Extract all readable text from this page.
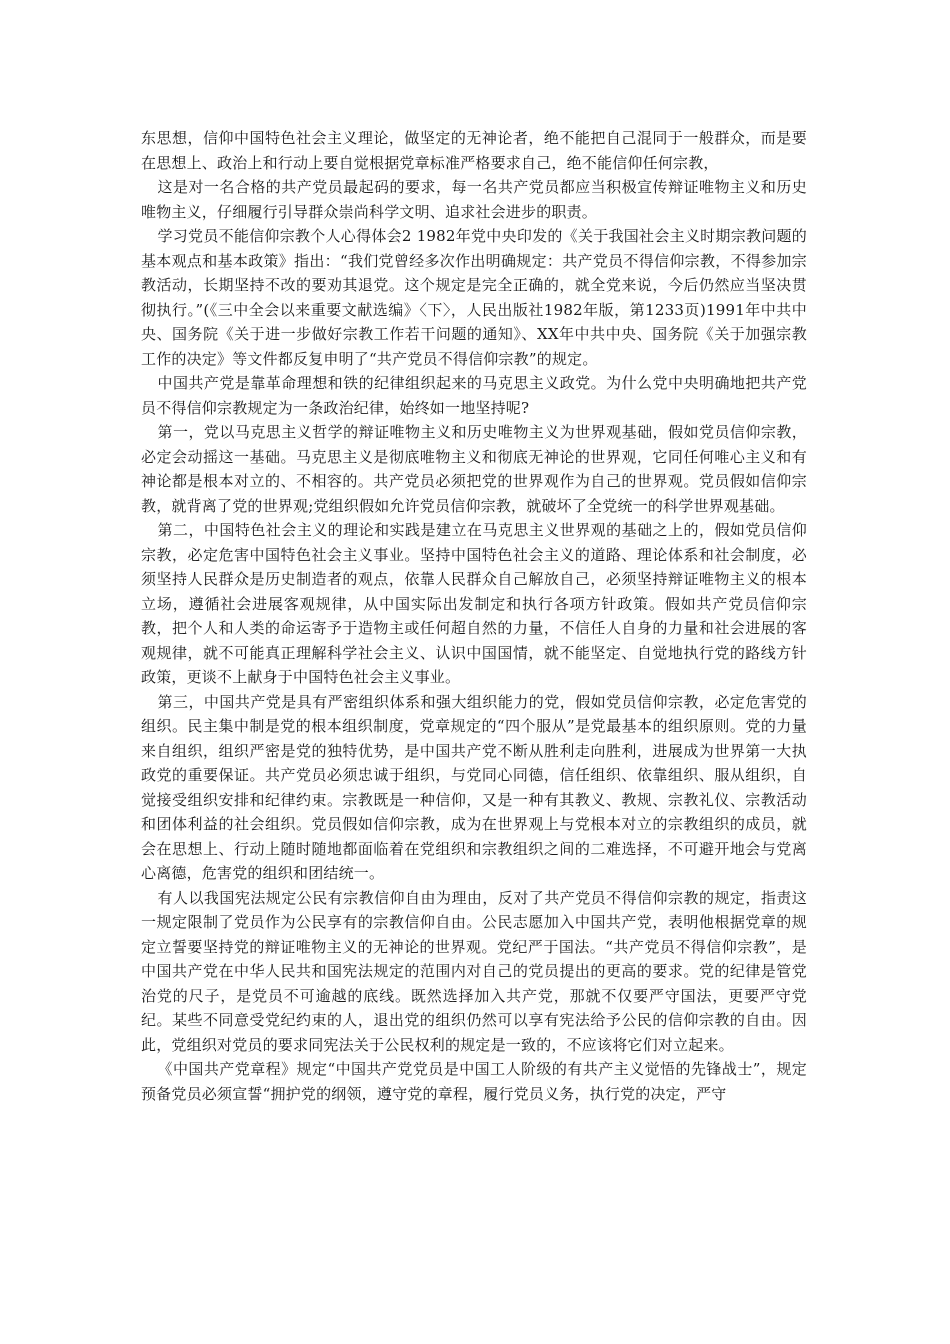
东思想，信仰中国特色社会主义理论，做坚定的无神论者，绝不能把自己混同于一般群众，而是要在思想上、政治上和行动上要自觉根据党章标准严格要求自己，绝不能信仰任何宗教，

这是对一名合格的共产党员最起码的要求，每一名共产党员都应当积极宣传辩证唯物主义和历史唯物主义，仔细履行引导群众崇尚科学文明、追求社会进步的职责。

学习党员不能信仰宗教个人心得体会2 1982年党中央印发的《关于我国社会主义时期宗教问题的基本观点和基本政策》指出：“我们党曾经多次作出明确规定：共产党员不得信仰宗教，不得参加宗教活动，长期坚持不改的要劝其退党。这个规定是完全正确的，就全党来说，今后仍然应当坚决贯彻执行。”(《三中全会以来重要文献选编》〈下〉，人民出版社1982年版，第1233页)1991年中共中央、国务院《关于进一步做好宗教工作若干问题的通知》、XX年中共中央、国务院《关于加强宗教工作的决定》等文件都反复申明了“共产党员不得信仰宗教”的规定。

中国共产党是靠革命理想和铁的纪律组织起来的马克思主义政党。为什么党中央明确地把共产党员不得信仰宗教规定为一条政治纪律，始终如一地坚持呢?

第一，党以马克思主义哲学的辩证唯物主义和历史唯物主义为世界观基础，假如党员信仰宗教，必定会动摇这一基础。马克思主义是彻底唯物主义和彻底无神论的世界观，它同任何唯心主义和有神论都是根本对立的、不相容的。共产党员必须把党的世界观作为自己的世界观。党员假如信仰宗教，就背离了党的世界观;党组织假如允许党员信仰宗教，就破坏了全党统一的科学世界观基础。

第二，中国特色社会主义的理论和实践是建立在马克思主义世界观的基础之上的，假如党员信仰宗教，必定危害中国特色社会主义事业。坚持中国特色社会主义的道路、理论体系和社会制度，必须坚持人民群众是历史制造者的观点，依靠人民群众自己解放自己，必须坚持辩证唯物主义的根本立场，遵循社会进展客观规律，从中国实际出发制定和执行各项方针政策。假如共产党员信仰宗教，把个人和人类的命运寄予于造物主或任何超自然的力量，不信任人自身的力量和社会进展的客观规律，就不可能真正理解科学社会主义、认识中国国情，就不能坚定、自觉地执行党的路线方针政策，更谈不上献身于中国特色社会主义事业。

第三，中国共产党是具有严密组织体系和强大组织能力的党，假如党员信仰宗教，必定危害党的组织。民主集中制是党的根本组织制度，党章规定的“四个服从”是党最基本的组织原则。党的力量来自组织，组织严密是党的独特优势，是中国共产党不断从胜利走向胜利，进展成为世界第一大执政党的重要保证。共产党员必须忠诚于组织，与党同心同德，信任组织、依靠组织、服从组织，自觉接受组织安排和纪律约束。宗教既是一种信仰，又是一种有其教义、教规、宗教礼仪、宗教活动和团体利益的社会组织。党员假如信仰宗教，成为在世界观上与党根本对立的宗教组织的成员，就会在思想上、行动上随时随地都面临着在党组织和宗教组织之间的二难选择，不可避开地会与党离心离德，危害党的组织和团结统一。

有人以我国宪法规定公民有宗教信仰自由为理由，反对了共产党员不得信仰宗教的规定，指责这一规定限制了党员作为公民享有的宗教信仰自由。公民志愿加入中国共产党，表明他根据党章的规定立誓要坚持党的辩证唯物主义的无神论的世界观。党纪严于国法。“共产党员不得信仰宗教”，是中国共产党在中华人民共和国宪法规定的范围内对自己的党员提出的更高的要求。党的纪律是管党治党的尺子，是党员不可逾越的底线。既然选择加入共产党，那就不仅要严守国法，更要严守党纪。某些不同意受党纪约束的人，退出党的组织仍然可以享有宪法给予公民的信仰宗教的自由。因此，党组织对党员的要求同宪法关于公民权利的规定是一致的，不应该将它们对立起来。

《中国共产党章程》规定“中国共产党党员是中国工人阶级的有共产主义觉悟的先锋战士”，规定预备党员必须宣誓“拥护党的纲领，遵守党的章程，履行党员义务，执行党的决定，严守
